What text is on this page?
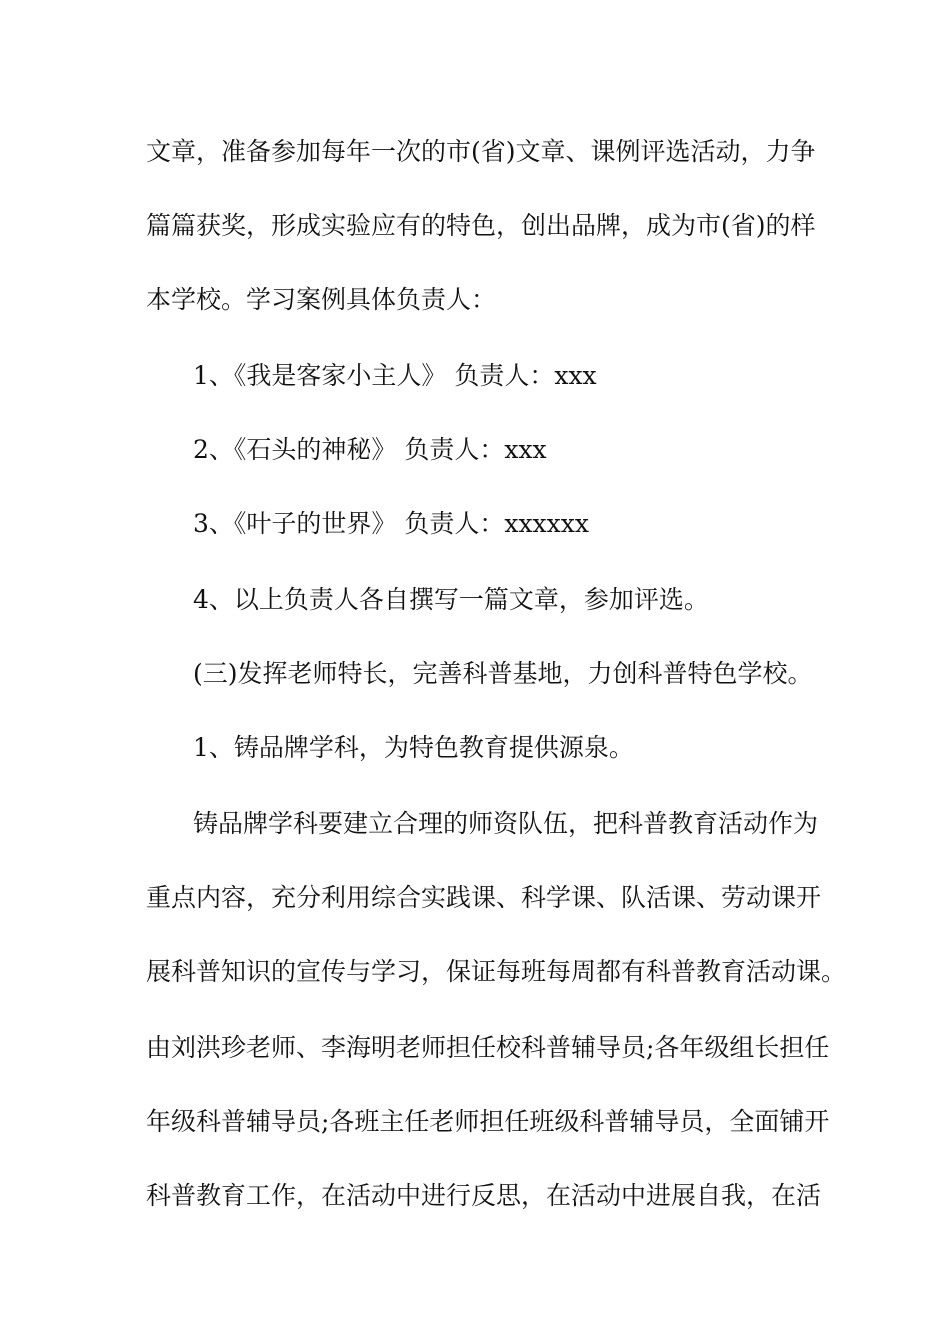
文章，准备参加每年一次的市(省)文章、课例评选活动，力争
篇篇获奖，形成实验应有的特色，创出品牌，成为市(省)的样
本学校。学习案例具体负责人：
1、《我是客家小主人》 负责人：xxx
2、《石头的神秘》 负责人：xxx
3、《叶子的世界》 负责人：xxxxxx
4、以上负责人各自撰写一篇文章，参加评选。
(三)发挥老师特长，完善科普基地，力创科普特色学校。
1、铸品牌学科，为特色教育提供源泉。
铸品牌学科要建立合理的师资队伍，把科普教育活动作为
重点内容，充分利用综合实践课、科学课、队活课、劳动课开
展科普知识的宣传与学习，保证每班每周都有科普教育活动课。
由刘洪珍老师、李海明老师担任校科普辅导员;各年级组长担任
年级科普辅导员;各班主任老师担任班级科普辅导员，全面铺开
科普教育工作，在活动中进行反思，在活动中进展自我，在活
